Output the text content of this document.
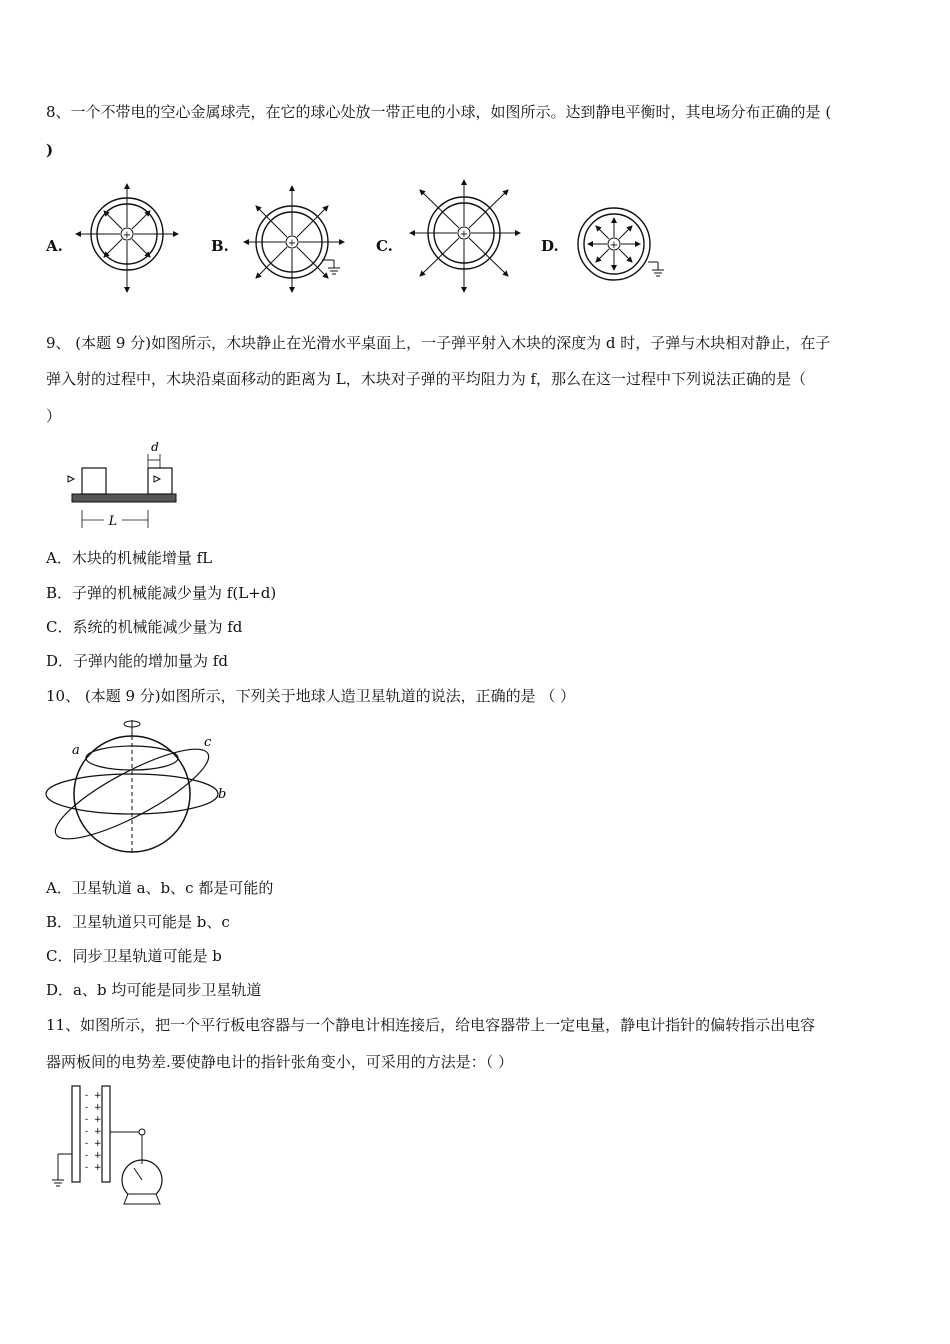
8、一个不带电的空心金属球壳，在它的球心处放一带正电的小球，如图所示。达到静电平衡时，其电场分布正确的是 (
)
A.	B.	C.	D.
+
+
+
+
9、 (本题 9 分)如图所示，木块静止在光滑水平桌面上，一子弹平射入木块的深度为 d 时，子弹与木块相对静止，在子
弹入射的过程中，木块沿桌面移动的距离为 L，木块对子弹的平均阻力为 f，那么在这一过程中下列说法正确的是（
）
d
L
A．木块的机械能增量 fL
B．子弹的机械能减少量为 f(L+d)
C．系统的机械能减少量为 fd
D．子弹内能的增加量为 fd
10、 (本题 9 分)如图所示，下列关于地球人造卫星轨道的说法，正确的是 （ ）
a
b
c
A．卫星轨道 a、b、c 都是可能的
B．卫星轨道只可能是 b、c
C．同步卫星轨道可能是 b
D．a、b 均可能是同步卫星轨道
11、如图所示，把一个平行板电容器与一个静电计相连接后，给电容器带上一定电量，静电计指针的偏转指示出电容
器两板间的电势差.要使静电计的指针张角变小，可采用的方法是：（ ）
-
-
-
-
-
-
-
+
+
+
+
+
+
+
